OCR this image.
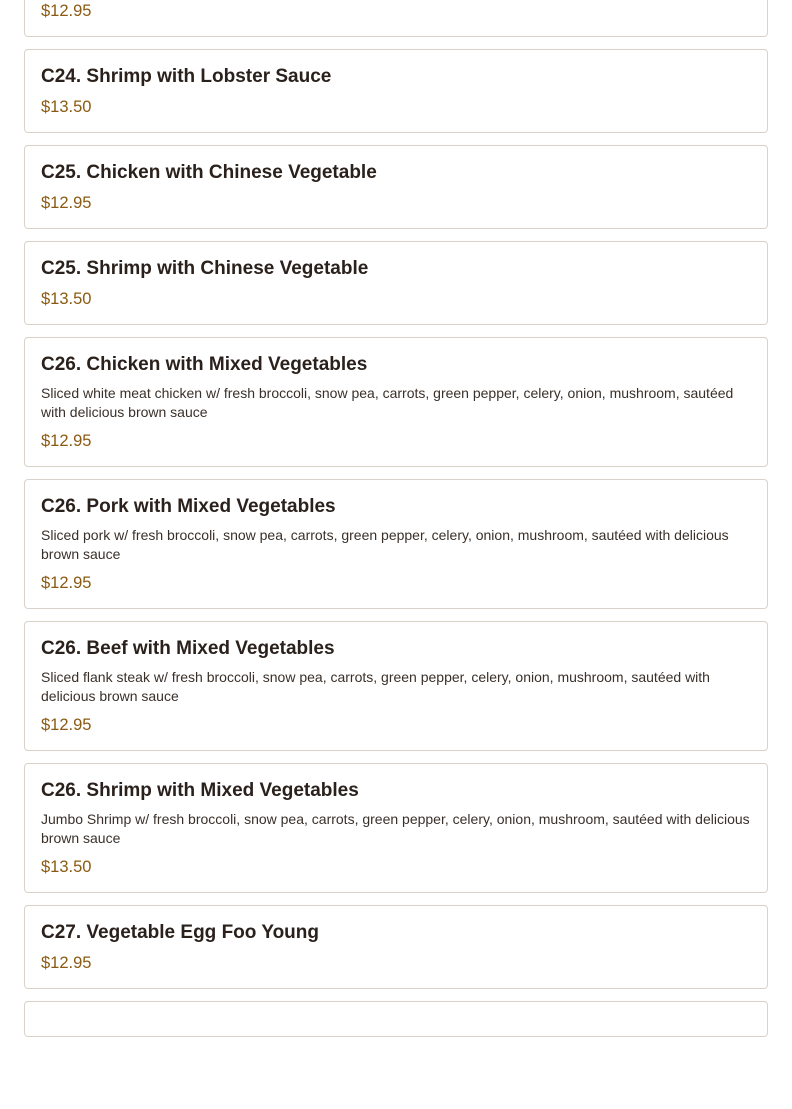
$12.95
C24. Shrimp with Lobster Sauce
$13.50
C25. Chicken with Chinese Vegetable
$12.95
C25. Shrimp with Chinese Vegetable
$13.50
C26. Chicken with Mixed Vegetables
Sliced white meat chicken w/ fresh broccoli, snow pea, carrots, green pepper, celery, onion, mushroom, sautéed with delicious brown sauce
$12.95
C26. Pork with Mixed Vegetables
Sliced pork w/ fresh broccoli, snow pea, carrots, green pepper, celery, onion, mushroom, sautéed with delicious brown sauce
$12.95
C26. Beef with Mixed Vegetables
Sliced flank steak w/ fresh broccoli, snow pea, carrots, green pepper, celery, onion, mushroom, sautéed with delicious brown sauce
$12.95
C26. Shrimp with Mixed Vegetables
Jumbo Shrimp w/ fresh broccoli, snow pea, carrots, green pepper, celery, onion, mushroom, sautéed with delicious brown sauce
$13.50
C27. Vegetable Egg Foo Young
$12.95
